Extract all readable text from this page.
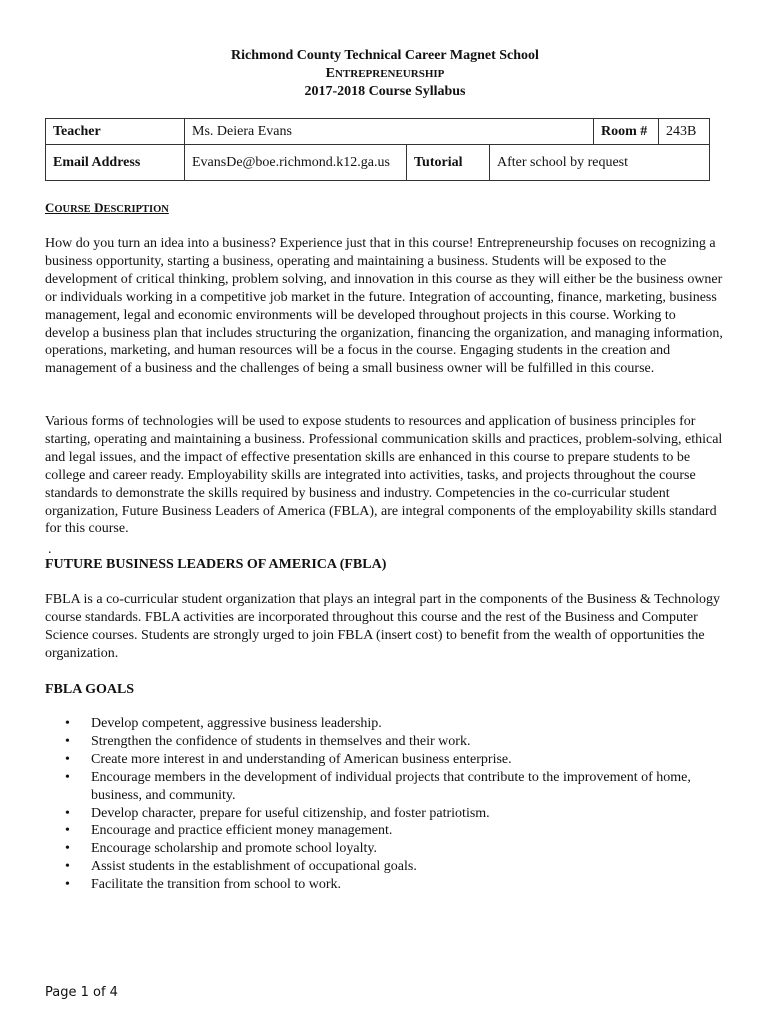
Richmond County Technical Career Magnet School
ENTREPRENEURSHIP
2017-2018 Course Syllabus
Teacher	Ms. Deiera Evans			Room #	243B
Email Address	EvansDe@boe.richmond.k12.ga.us	Tutorial	After school by request		
COURSE DESCRIPTION

How do you turn an idea into a business? Experience just that in this course! Entrepreneurship focuses on recognizing a business opportunity, starting a business, operating and maintaining a business. Students will be exposed to the development of critical thinking, problem solving, and innovation in this course as they will either be the business owner or individuals working in a competitive job market in the future. Integration of accounting, finance, marketing, business management, legal and economic environments will be developed throughout projects in this course. Working to develop a business plan that includes structuring the organization, financing the organization, and managing information, operations, marketing, and human resources will be a focus in the course. Engaging students in the creation and management of a business and the challenges of being a small business owner will be fulfilled in this course.

Various forms of technologies will be used to expose students to resources and application of business principles for starting, operating and maintaining a business. Professional communication skills and practices, problem-solving, ethical and legal issues, and the impact of effective presentation skills are enhanced in this course to prepare students to be college and career ready. Employability skills are integrated into activities, tasks, and projects throughout the course standards to demonstrate the skills required by business and industry. Competencies in the co-curricular student organization, Future Business Leaders of America (FBLA), are integral components of the employability skills standard for this course.

.
FUTURE BUSINESS LEADERS OF AMERICA (FBLA)

FBLA is a co-curricular student organization that plays an integral part in the components of the Business & Technology course standards. FBLA activities are incorporated throughout this course and the rest of the Business and Computer Science courses. Students are strongly urged to join FBLA (insert cost) to benefit from the wealth of opportunities the organization.

FBLA GOALS
• Develop competent, aggressive business leadership.
• Strengthen the confidence of students in themselves and their work.
• Create more interest in and understanding of American business enterprise.
• Encourage members in the development of individual projects that contribute to the improvement of home, business, and community.
• Develop character, prepare for useful citizenship, and foster patriotism.
• Encourage and practice efficient money management.
• Encourage scholarship and promote school loyalty.
• Assist students in the establishment of occupational goals.
• Facilitate the transition from school to work.
Page 1 of 4
